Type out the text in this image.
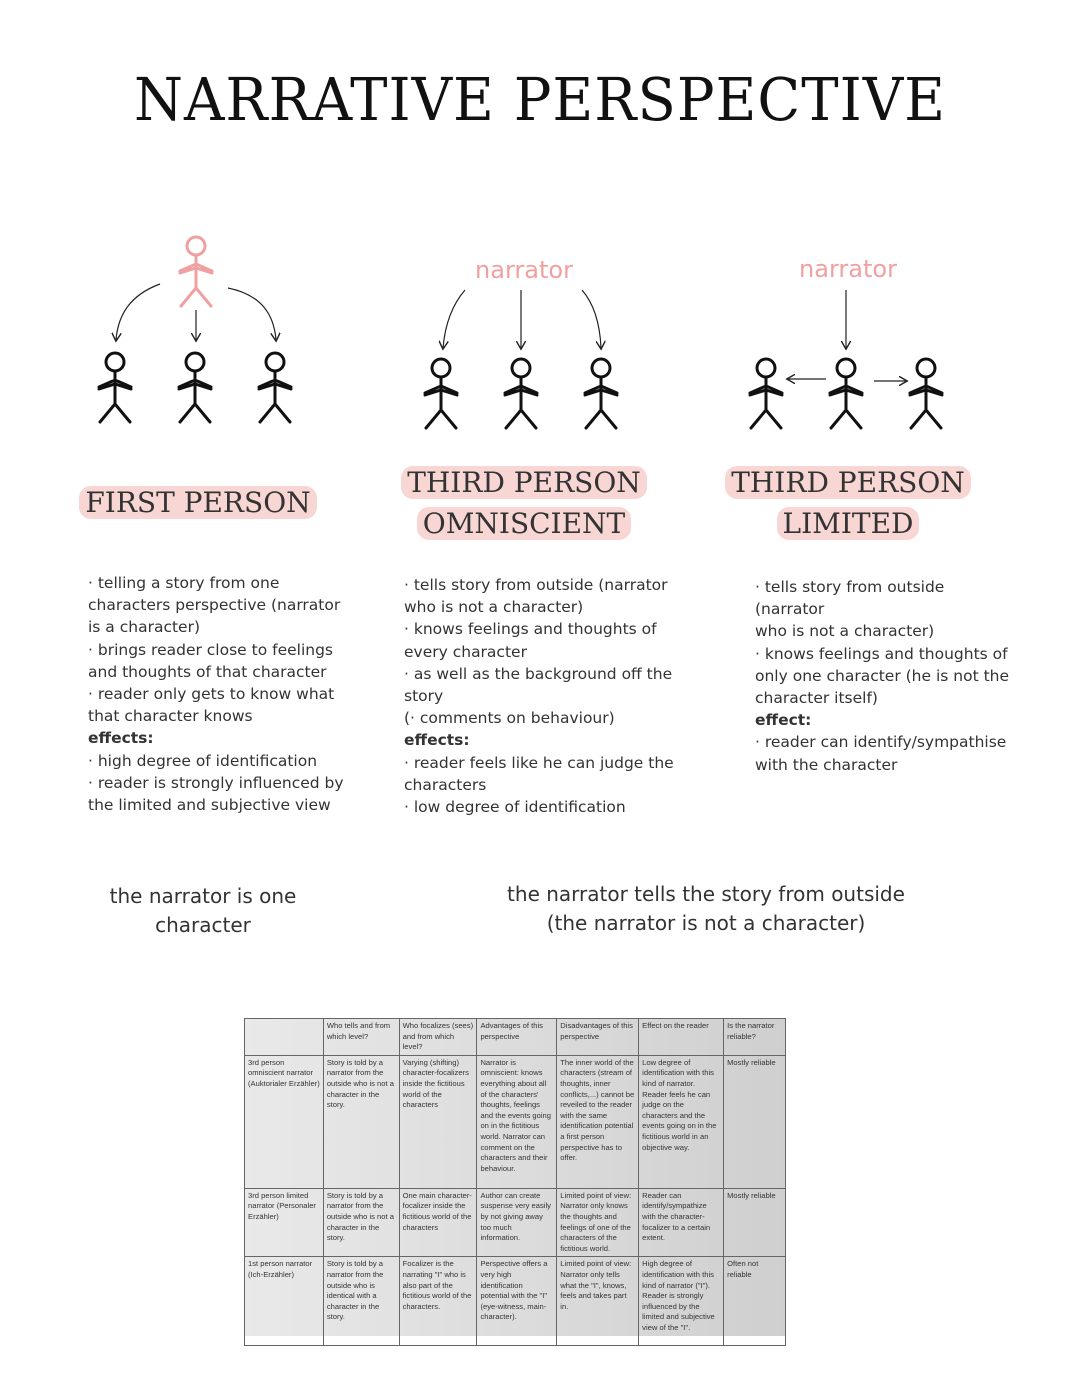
NARRATIVE PERSPECTIVE
narrator	narrator
FIRST PERSON
THIRD PERSON
OMNISCIENT
THIRD PERSON
LIMITED
· telling a story from one
characters perspective (narrator
is a character)
· brings reader close to feelings
and thoughts of that character
· reader only gets to know what
that character knows
effects:
· high degree of identification
· reader is strongly influenced by
the limited and subjective view
· tells story from outside (narrator
who is not a character)
· knows feelings and thoughts of
every character
· as well as the background off the
story
(· comments on behaviour)
effects:
· reader feels like he can judge the
characters
· low degree of identification
· tells story from outside (narrator
who is not a character)
· knows feelings and thoughts of
only one character (he is not the
character itself)
effect:
· reader can identify/sympathise
with the character
the narrator is one
character
the narrator tells the story from outside
(the narrator is not a character)
	Who tells and from which level?	Who focalizes (sees) and from which level?	Advantages of this perspective	Disadvantages of this perspective	Effect on the reader	Is the narrator reliable?
3rd person omniscient narrator (Auktorialer Erzähler)	Story is told by a narrator from the outside who is not a character in the story.	Varying (shifting) character-focalizers inside the fictitious world of the characters	Narrator is omniscient: knows everything about all of the characters' thoughts, feelings and the events going on in the fictitious world. Narrator can comment on the characters and their behaviour.	The inner world of the characters (stream of thoughts, inner conflicts,...) cannot be reveiled to the reader with the same identification potential a first person perspective has to offer.	Low degree of identification with this kind of narrator. Reader feels he can judge on the characters and the events going on in the fictitious world in an objective way.	Mostly reliable
3rd person limited narrator (Personaler Erzähler)	Story is told by a narrator from the outside who is not a character in the story.	One main character-focalizer inside the fictitious world of the characters	Author can create suspense very easily by not giving away too much information.	Limited point of view: Narrator only knows the thoughts and feelings of one of the characters of the fictitious world.	Reader can identify/sympathize with the character-focalizer to a certain extent.	Mostly reliable
1st person narrator (Ich-Erzähler)	Story is told by a narrator from the outside who is identical with a character in the story.	Focalizer is the narrating "I" who is also part of the fictitious world of the characters.	Perspective offers a very high identification potential with the "I" (eye-witness, main-character).	Limited point of view: Narrator only tells what the "I", knows, feels and takes part in.	High degree of identification with this kind of narrator ("I"). Reader is strongly influenced by the limited and subjective view of the "I".	Often not reliable
